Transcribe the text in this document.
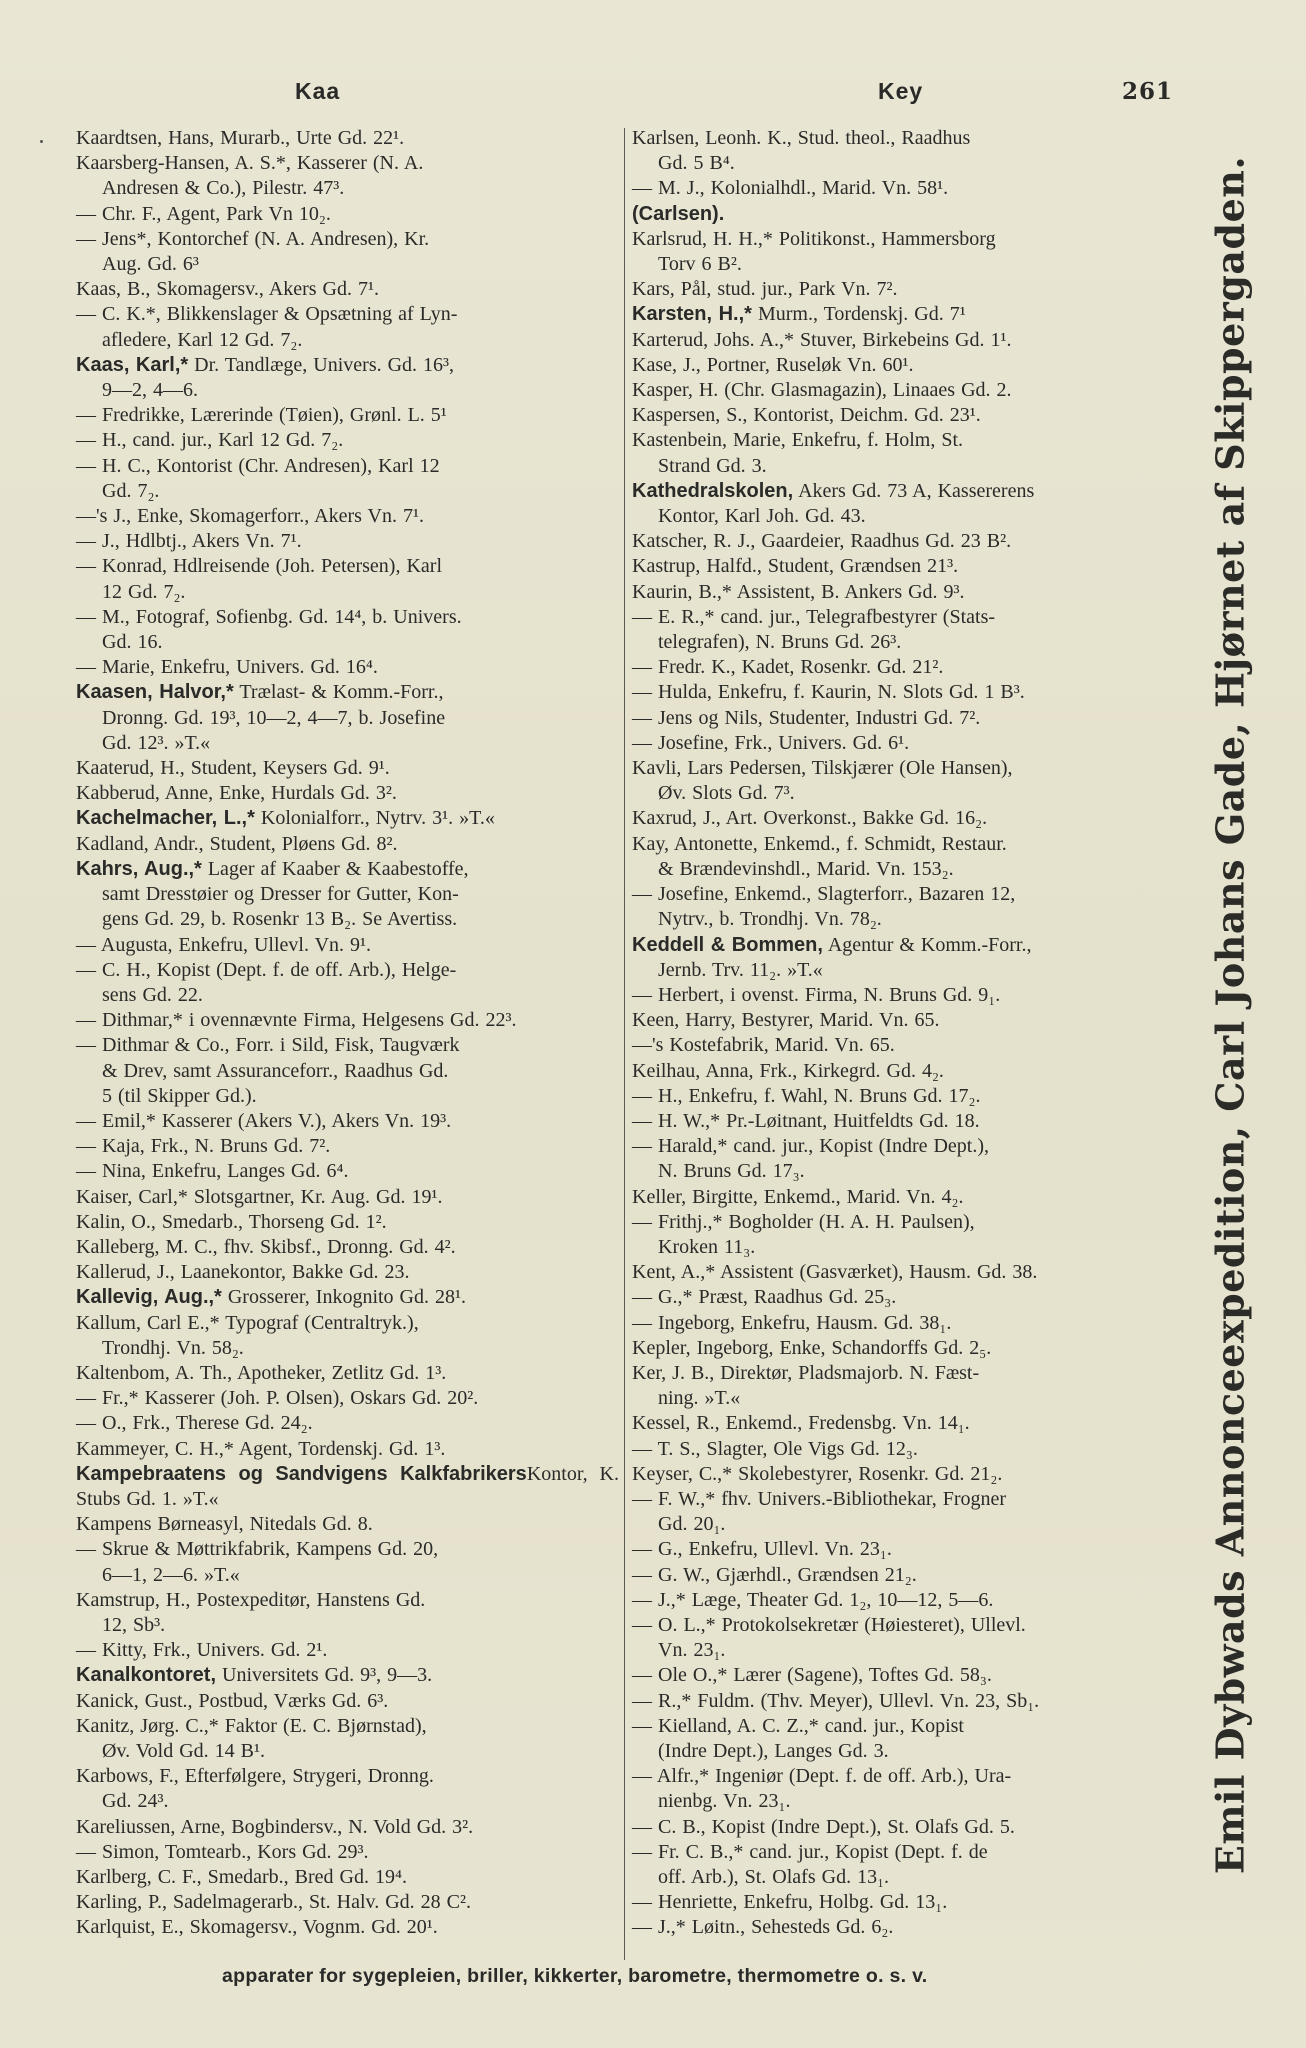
Kaa	Key	261
Kaardtsen, Hans, Murarb., Urte Gd. 22¹.
Kaarsberg-Hansen, A. S.*, Kasserer (N. A.
Andresen & Co.), Pilestr. 47³.
— Chr. F., Agent, Park Vn 10₂.
— Jens*, Kontorchef (N. A. Andresen), Kr.
Aug. Gd. 6³
Kaas, B., Skomagersv., Akers Gd. 7¹.
— C. K.*, Blikkenslager & Opsætning af Lyn-
afledere, Karl 12 Gd. 7₂.
Kaas, Karl,* Dr. Tandlæge, Univers. Gd. 16³,
9—2, 4—6.
— Fredrikke, Lærerinde (Tøien), Grønl. L. 5¹
— H., cand. jur., Karl 12 Gd. 7₂.
— H. C., Kontorist (Chr. Andresen), Karl 12
Gd. 7₂.
—'s J., Enke, Skomagerforr., Akers Vn. 7¹.
— J., Hdlbtj., Akers Vn. 7¹.
— Konrad, Hdlreisende (Joh. Petersen), Karl
12 Gd. 7₂.
— M., Fotograf, Sofienbg. Gd. 14⁴, b. Univers.
Gd. 16.
— Marie, Enkefru, Univers. Gd. 16⁴.
Kaasen, Halvor,* Trælast- & Komm.-Forr.,
Dronng. Gd. 19³, 10—2, 4—7, b. Josefine
Gd. 12³. »T.«
Kaaterud, H., Student, Keysers Gd. 9¹.
Kabberud, Anne, Enke, Hurdals Gd. 3².
Kachelmacher, L.,* Kolonialforr., Nytrv. 3¹. »T.«
Kadland, Andr., Student, Pløens Gd. 8².
Kahrs, Aug.,* Lager af Kaaber & Kaabestoffe,
samt Dresstøier og Dresser for Gutter, Kon-
gens Gd. 29, b. Rosenkr 13 B₂. Se Avertiss.
— Augusta, Enkefru, Ullevl. Vn. 9¹.
— C. H., Kopist (Dept. f. de off. Arb.), Helge-
sens Gd. 22.
— Dithmar,* i ovennævnte Firma, Helgesens Gd. 22³.
— Dithmar & Co., Forr. i Sild, Fisk, Taugværk
& Drev, samt Assuranceforr., Raadhus Gd.
5 (til Skipper Gd.).
— Emil,* Kasserer (Akers V.), Akers Vn. 19³.
— Kaja, Frk., N. Bruns Gd. 7².
— Nina, Enkefru, Langes Gd. 6⁴.
Kaiser, Carl,* Slotsgartner, Kr. Aug. Gd. 19¹.
Kalin, O., Smedarb., Thorseng Gd. 1².
Kalleberg, M. C., fhv. Skibsf., Dronng. Gd. 4².
Kallerud, J., Laanekontor, Bakke Gd. 23.
Kallevig, Aug.,* Grosserer, Inkognito Gd. 28¹.
Kallum, Carl E.,* Typograf (Centraltryk.),
Trondhj. Vn. 58₂.
Kaltenbom, A. Th., Apotheker, Zetlitz Gd. 1³.
— Fr.,* Kasserer (Joh. P. Olsen), Oskars Gd. 20².
— O., Frk., Therese Gd. 24₂.
Kammeyer, C. H.,* Agent, Tordenskj. Gd. 1³.
Kampebraatens og Sandvigens KalkfabrikersKontor, K. Stubs Gd. 1. »T.«
Kampens Børneasyl, Nitedals Gd. 8.
— Skrue & Møttrikfabrik, Kampens Gd. 20,
6—1, 2—6. »T.«
Kamstrup, H., Postexpeditør, Hanstens Gd.
12, Sb³.
— Kitty, Frk., Univers. Gd. 2¹.
Kanalkontoret, Universitets Gd. 9³, 9—3.
Kanick, Gust., Postbud, Værks Gd. 6³.
Kanitz, Jørg. C.,* Faktor (E. C. Bjørnstad),
Øv. Vold Gd. 14 B¹.
Karbows, F., Efterfølgere, Strygeri, Dronng.
Gd. 24³.
Kareliussen, Arne, Bogbindersv., N. Vold Gd. 3².
— Simon, Tomtearb., Kors Gd. 29³.
Karlberg, C. F., Smedarb., Bred Gd. 19⁴.
Karling, P., Sadelmagerarb., St. Halv. Gd. 28 C².
Karlquist, E., Skomagersv., Vognm. Gd. 20¹.
Karlsen, Leonh. K., Stud. theol., Raadhus
Gd. 5 B⁴.
— M. J., Kolonialhdl., Marid. Vn. 58¹.
(Carlsen).
Karlsrud, H. H.,* Politikonst., Hammersborg
Torv 6 B².
Kars, Pål, stud. jur., Park Vn. 7².
Karsten, H.,* Murm., Tordenskj. Gd. 7¹
Karterud, Johs. A.,* Stuver, Birkebeins Gd. 1¹.
Kase, J., Portner, Ruseløk Vn. 60¹.
Kasper, H. (Chr. Glasmagazin), Linaaes Gd. 2.
Kaspersen, S., Kontorist, Deichm. Gd. 23¹.
Kastenbein, Marie, Enkefru, f. Holm, St.
Strand Gd. 3.
Kathedralskolen, Akers Gd. 73 A, Kassererens
Kontor, Karl Joh. Gd. 43.
Katscher, R. J., Gaardeier, Raadhus Gd. 23 B².
Kastrup, Halfd., Student, Grændsen 21³.
Kaurin, B.,* Assistent, B. Ankers Gd. 9³.
— E. R.,* cand. jur., Telegrafbestyrer (Stats-
telegrafen), N. Bruns Gd. 26³.
— Fredr. K., Kadet, Rosenkr. Gd. 21².
— Hulda, Enkefru, f. Kaurin, N. Slots Gd. 1 B³.
— Jens og Nils, Studenter, Industri Gd. 7².
— Josefine, Frk., Univers. Gd. 6¹.
Kavli, Lars Pedersen, Tilskjærer (Ole Hansen),
Øv. Slots Gd. 7³.
Kaxrud, J., Art. Overkonst., Bakke Gd. 16₂.
Kay, Antonette, Enkemd., f. Schmidt, Restaur.
& Brændevinshdl., Marid. Vn. 153₂.
— Josefine, Enkemd., Slagterforr., Bazaren 12,
Nytrv., b. Trondhj. Vn. 78₂.
Keddell & Bommen, Agentur & Komm.-Forr.,
Jernb. Trv. 11₂. »T.«
— Herbert, i ovenst. Firma, N. Bruns Gd. 9₁.
Keen, Harry, Bestyrer, Marid. Vn. 65.
—'s Kostefabrik, Marid. Vn. 65.
Keilhau, Anna, Frk., Kirkegrd. Gd. 4₂.
— H., Enkefru, f. Wahl, N. Bruns Gd. 17₂.
— H. W.,* Pr.-Løitnant, Huitfeldts Gd. 18.
— Harald,* cand. jur., Kopist (Indre Dept.),
N. Bruns Gd. 17₃.
Keller, Birgitte, Enkemd., Marid. Vn. 4₂.
— Frithj.,* Bogholder (H. A. H. Paulsen),
Kroken 11₃.
Kent, A.,* Assistent (Gasværket), Hausm. Gd. 38.
— G.,* Præst, Raadhus Gd. 25₃.
— Ingeborg, Enkefru, Hausm. Gd. 38₁.
Kepler, Ingeborg, Enke, Schandorffs Gd. 2₅.
Ker, J. B., Direktør, Pladsmajorb. N. Fæst-
ning. »T.«
Kessel, R., Enkemd., Fredensbg. Vn. 14₁.
— T. S., Slagter, Ole Vigs Gd. 12₃.
Keyser, C.,* Skolebestyrer, Rosenkr. Gd. 21₂.
— F. W.,* fhv. Univers.-Bibliothekar, Frogner
Gd. 20₁.
— G., Enkefru, Ullevl. Vn. 23₁.
— G. W., Gjærhdl., Grændsen 21₂.
— J.,* Læge, Theater Gd. 1₂, 10—12, 5—6.
— O. L.,* Protokolsekretær (Høiesteret), Ullevl.
Vn. 23₁.
— Ole O.,* Lærer (Sagene), Toftes Gd. 58₃.
— R.,* Fuldm. (Thv. Meyer), Ullevl. Vn. 23, Sb₁.
— Kielland, A. C. Z.,* cand. jur., Kopist
(Indre Dept.), Langes Gd. 3.
— Alfr.,* Ingeniør (Dept. f. de off. Arb.), Ura-
nienbg. Vn. 23₁.
— C. B., Kopist (Indre Dept.), St. Olafs Gd. 5.
— Fr. C. B.,* cand. jur., Kopist (Dept. f. de
off. Arb.), St. Olafs Gd. 13₁.
— Henriette, Enkefru, Holbg. Gd. 13₁.
— J.,* Løitn., Sehesteds Gd. 6₂.
Emil Dybwads Annonceexpedition, Carl Johans Gade, Hjørnet af Skippergaden.
apparater for sygepleien, briller, kikkerter, barometre, thermometre o. s. v.
